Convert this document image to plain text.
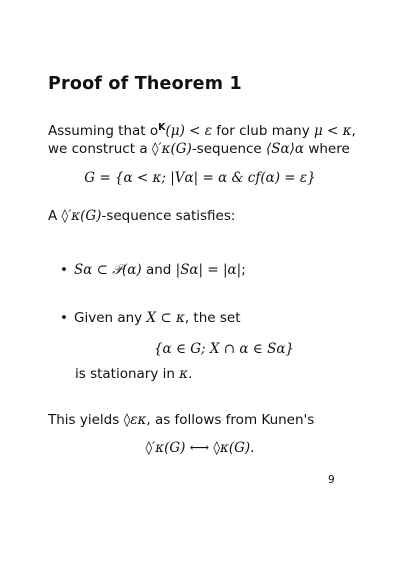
Proof of Theorem 1
Assuming that $o^K(\mu) < \varepsilon$ for club many μ < κ,
we construct a ◊′κ(G)-sequence ⟨Sα⟩α where
G = {α < κ; |Vα| = α & cf(α) = ε}
A ◊′κ(G)-sequence satisfies:
• Sα ⊂ 𝒫(α) and |Sα| = |α|;
• Given any X ⊂ κ, the set
{α ∈ G; X ∩ α ∈ Sα}
is stationary in κ.
This yields ◊εκ, as follows from Kunen's
◊′κ(G) ⟷ ◊κ(G).
9
